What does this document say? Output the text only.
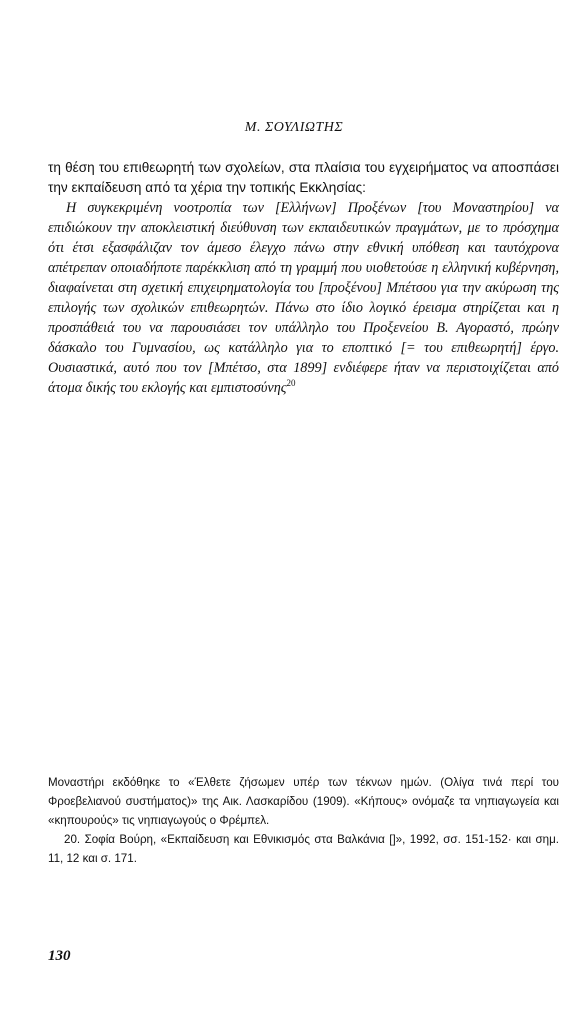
Μ. ΣΟΥΛΙΩΤΗΣ

τη θέση του επιθεωρητή των σχολείων, στα πλαίσια του εγχειρήματος να αποσπάσει την εκπαίδευση από τα χέρια την τοπικής Εκκλησίας:

Η συγκεκριμένη νοοτροπία των [Ελλήνων] Προξένων [του Μοναστηρίου] να επιδιώκουν την αποκλειστική διεύθυνση των εκπαιδευτικών πραγμάτων, με το πρόσχημα ότι έτσι εξασφάλιζαν τον άμεσο έλεγχο πάνω στην εθνική υπόθεση και ταυτόχρονα απέτρεπαν οποιαδήποτε παρέκκλιση από τη γραμμή που υιοθετούσε η ελληνική κυβέρνηση, διαφαίνεται στη σχετική επιχειρηματολογία του [προξένου] Μπέτσου για την ακύρωση της επιλογής των σχολικών επιθεωρητών. Πάνω στο ίδιο λογικό έρεισμα στηρίζεται και η προσπάθειά του να παρουσιάσει τον υπάλληλο του Προξενείου Β. Αγοραστό, πρώην δάσκαλο του Γυμνασίου, ως κατάλληλο για το εποπτικό [= του επιθεωρητή] έργο. Ουσιαστικά, αυτό που τον [Μπέτσο, στα 1899] ενδιέφερε ήταν να περιστοιχίζεται από άτομα δικής του εκλογής και εμπιστοσύνης$^{20}$

Μοναστήρι εκδόθηκε το «Έλθετε ζήσωμεν υπέρ των τέκνων ημών. (Ολίγα τινά περί του Φροεβελιανού συστήματος)» της Αικ. Λασκαρίδου (1909). «Κήπους» ονόμαζε τα νηπιαγωγεία και «κηπουρούς» τις νηπιαγωγούς ο Φρέμπελ.

20. Σοφία Βούρη, «Εκπαίδευση και Εθνικισμός στα Βαλκάνια []», 1992, σσ. 151-152· και σημ. 11, 12 και σ. 171.

130
